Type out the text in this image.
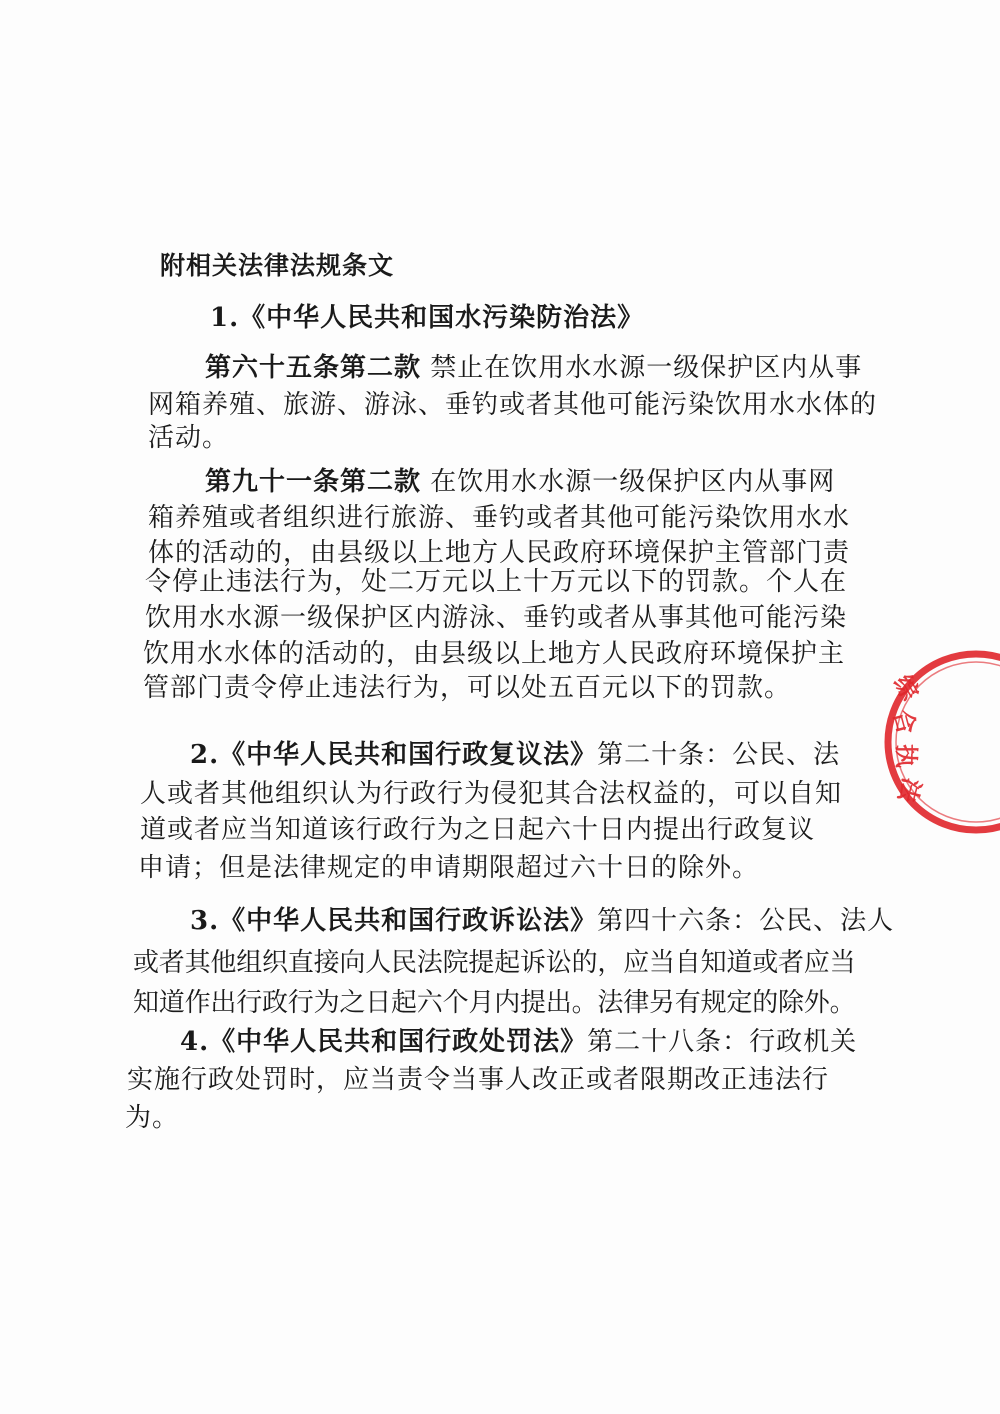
附相关法律法规条文
1.《中华人民共和国水污染防治法》
第六十五条第二款 禁止在饮用水水源一级保护区内从事
网箱养殖、旅游、游泳、垂钓或者其他可能污染饮用水水体的
活动。
第九十一条第二款 在饮用水水源一级保护区内从事网
箱养殖或者组织进行旅游、垂钓或者其他可能污染饮用水水
体的活动的，由县级以上地方人民政府环境保护主管部门责
令停止违法行为，处二万元以上十万元以下的罚款。个人在
饮用水水源一级保护区内游泳、垂钓或者从事其他可能污染
饮用水水体的活动的，由县级以上地方人民政府环境保护主
管部门责令停止违法行为，可以处五百元以下的罚款。
2.《中华人民共和国行政复议法》第二十条：公民、法
人或者其他组织认为行政行为侵犯其合法权益的，可以自知
道或者应当知道该行政行为之日起六十日内提出行政复议
申请；但是法律规定的申请期限超过六十日的除外。
3.《中华人民共和国行政诉讼法》第四十六条：公民、法人
或者其他组织直接向人民法院提起诉讼的，应当自知道或者应当
知道作出行政行为之日起六个月内提出。法律另有规定的除外。
4.《中华人民共和国行政处罚法》第二十八条：行政机关
实施行政处罚时，应当责令当事人改正或者限期改正违法行
为。
综
合
执
法
